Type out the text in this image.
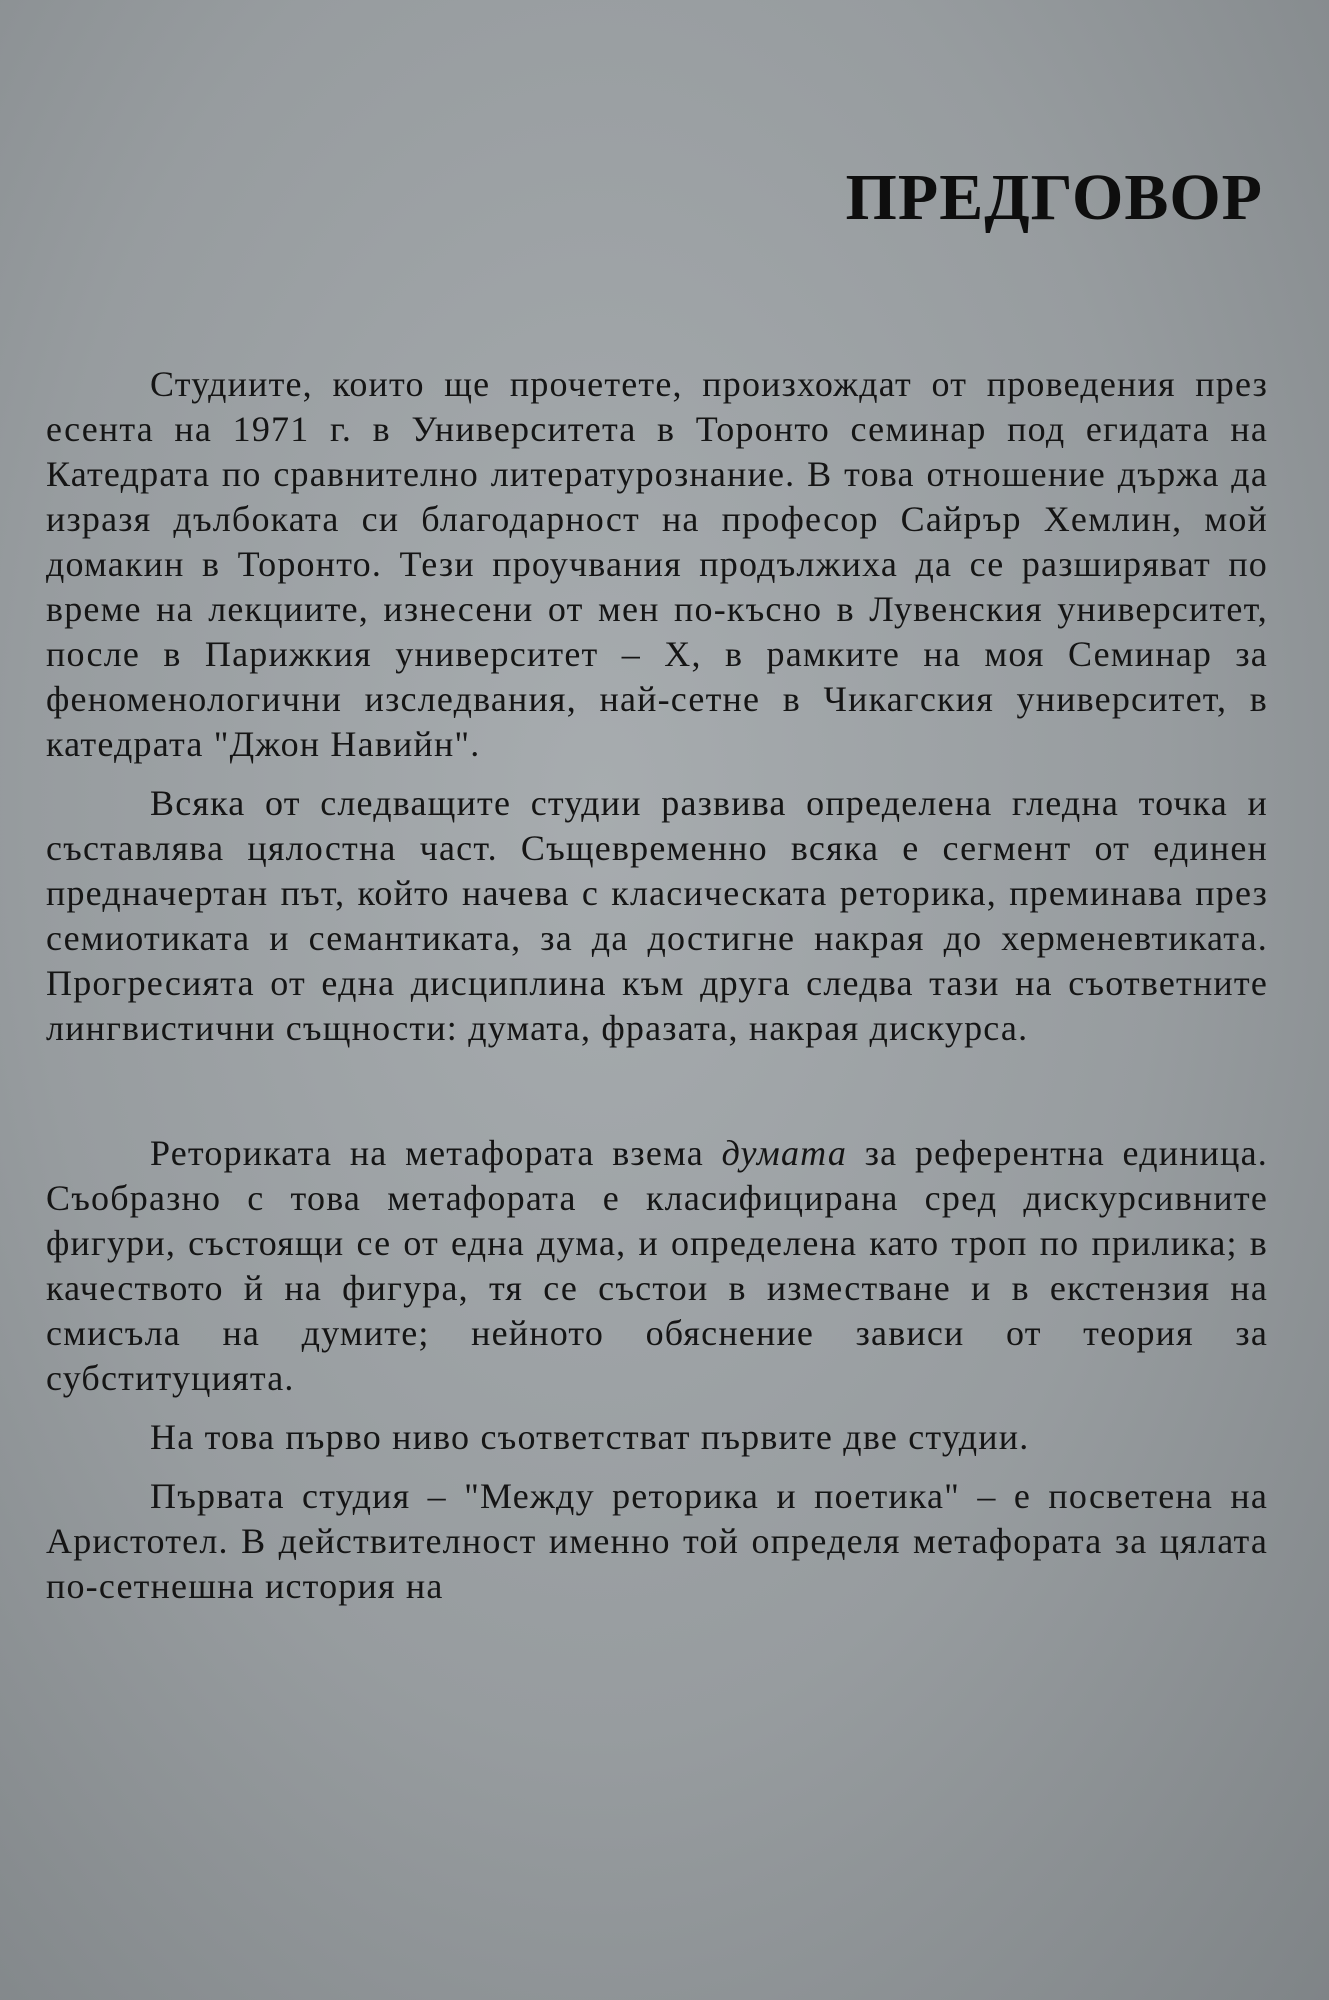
ПРЕДГОВОР

Студиите, които ще прочетете, произхождат от проведения през есента на 1971 г. в Университета в Торонто семинар под егидата на Катедрата по сравнително литературознание. В това отношение държа да изразя дълбоката си благодарност на професор Сайрър Хемлин, мой домакин в Торонто. Тези проучвания продължиха да се разширяват по време на лекциите, изнесени от мен по-късно в Лувенския университет, после в Парижкия университет – X, в рамките на моя Семинар за феноменологични изследвания, най-сетне в Чикагския университет, в катедрата "Джон Навийн".

Всяка от следващите студии развива определена гледна точка и съставлява цялостна част. Същевременно всяка е сегмент от единен предначертан път, който начева с класическата реторика, преминава през семиотиката и семантиката, за да достигне накрая до херменевтиката. Прогресията от една дисциплина към друга следва тази на съответните лингвистични същности: думата, фразата, накрая дискурса.

Реториката на метафората взема думата за референтна единица. Съобразно с това метафората е класифицирана сред дискурсивните фигури, състоящи се от една дума, и определена като троп по прилика; в качеството й на фигура, тя се състои в изместване и в екстензия на смисъла на думите; нейното обяснение зависи от теория за субституцията.

На това първо ниво съответстват първите две студии.

Първата студия – "Между реторика и поетика" – е посветена на Аристотел. В действителност именно той определя метафората за цялата по-сетнешна история на
